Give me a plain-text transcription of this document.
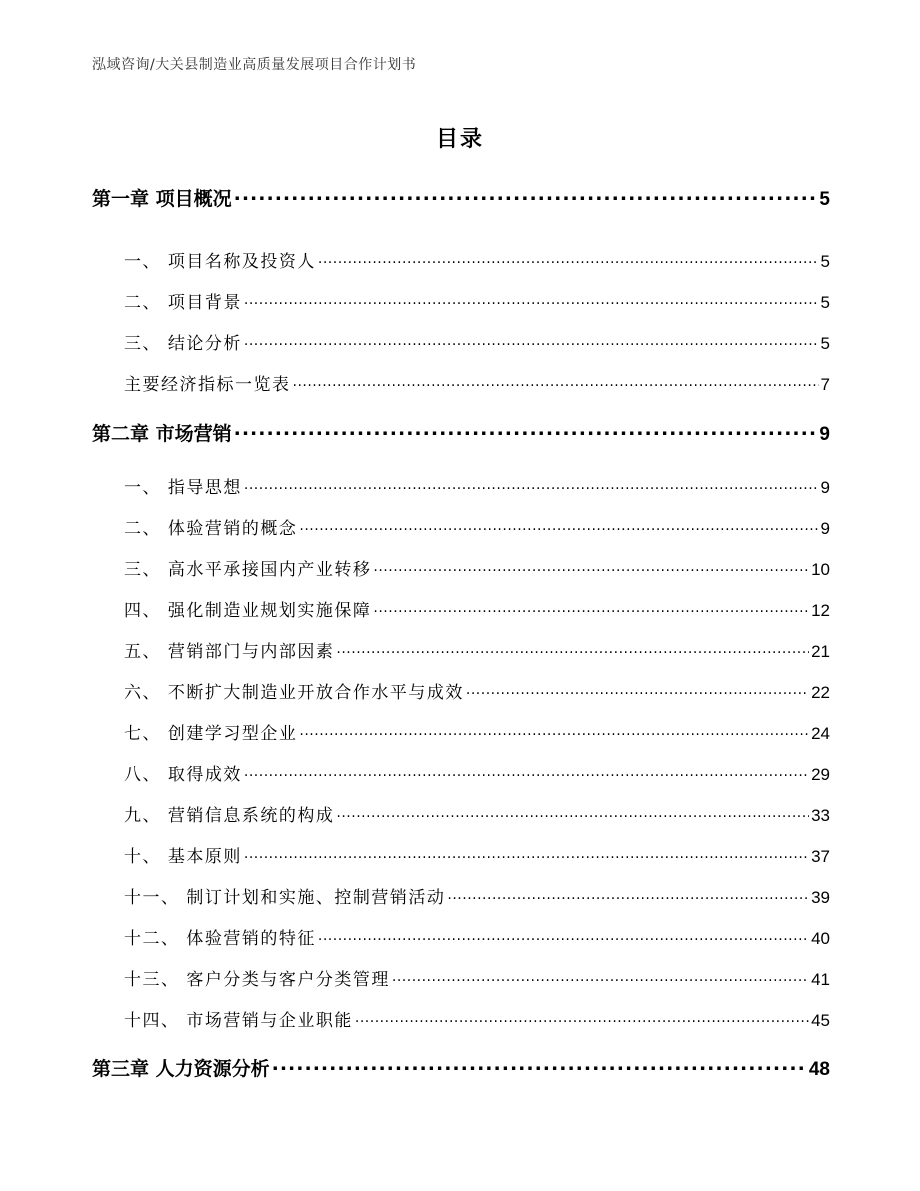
泓域咨询/大关县制造业高质量发展项目合作计划书
目录
第一章 项目概况 .....	5
一、 项目名称及投资人 .....	5
二、 项目背景 .....	5
三、 结论分析 .....	5
主要经济指标一览表 .....	7
第二章 市场营销 .....	9
一、 指导思想 .....	9
二、 体验营销的概念 .....	9
三、 高水平承接国内产业转移 .....	10
四、 强化制造业规划实施保障 .....	12
五、 营销部门与内部因素 .....	21
六、 不断扩大制造业开放合作水平与成效 .....	22
七、 创建学习型企业 .....	24
八、 取得成效 .....	29
九、 营销信息系统的构成 .....	33
十、 基本原则 .....	37
十一、 制订计划和实施、控制营销活动 .....	39
十二、 体验营销的特征 .....	40
十三、 客户分类与客户分类管理 .....	41
十四、 市场营销与企业职能 .....	45
第三章 人力资源分析 .....	48
